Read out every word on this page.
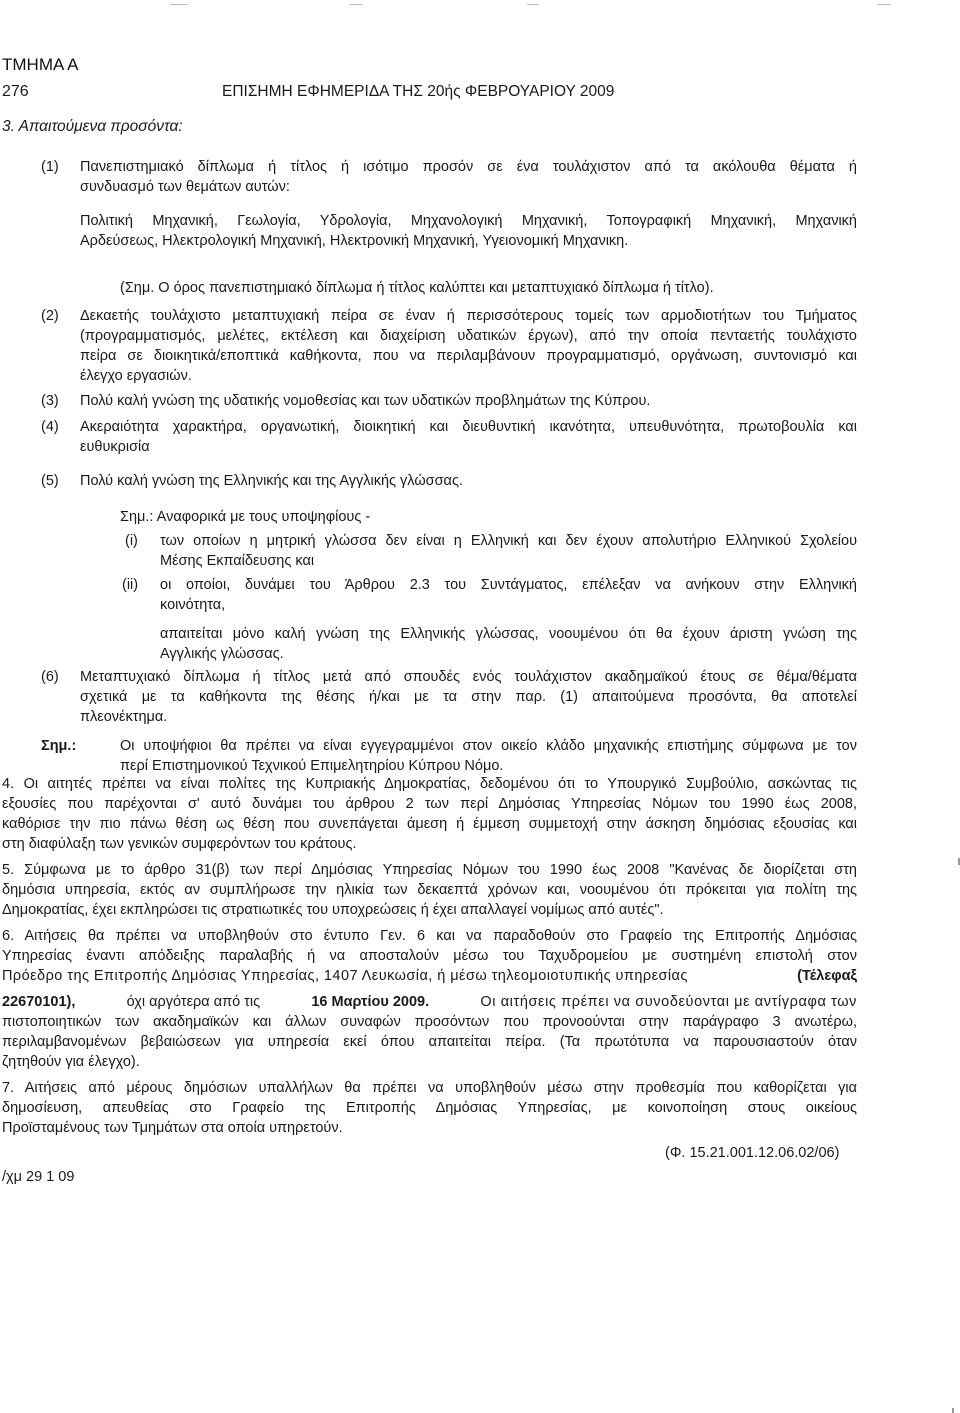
ΤΜΗΜΑ Α
276	ΕΠΙΣΗΜΗ ΕΦΗΜΕΡΙΔΑ ΤΗΣ 20ής ΦΕΒΡΟΥΑΡΙΟΥ 2009
3. Απαιτούμενα προσόντα:
(1) Πανεπιστημιακό δίπλωμα ή τίτλος ή ισότιμο προσόν σε ένα τουλάχιστον από τα ακόλουθα θέματα ή
συνδυασμό των θεμάτων αυτών:
Πολιτική Μηχανική, Γεωλογία, Υδρολογία, Μηχανολογική Μηχανική, Τοπογραφική Μηχανική, Μηχανική
Αρδεύσεως, Ηλεκτρολογική Μηχανική, Ηλεκτρονική Μηχανική, Υγειονομική Μηχανικη.
(Σημ. Ο όρος πανεπιστημιακό δίπλωμα ή τίτλος καλύπτει και μεταπτυχιακό δίπλωμα ή τίτλο).
(2) Δεκαετής τουλάχιστο μεταπτυχιακή πείρα σε έναν ή περισσότερους τομείς των αρμοδιοτήτων του Τμήματος
(προγραμματισμός, μελέτες, εκτέλεση και διαχείριση υδατικών έργων), από την οποία πενταετής τουλάχιστο
πείρα σε διοικητικά/εποπτικά καθήκοντα, που να περιλαμβάνουν προγραμματισμό, οργάνωση, συντονισμό και
έλεγχο εργασιών.
(3) Πολύ καλή γνώση της υδατικής νομοθεσίας και των υδατικών προβλημάτων της Κύπρου.
(4) Ακεραιότητα χαρακτήρα, οργανωτική, διοικητική και διευθυντική ικανότητα, υπευθυνότητα, πρωτοβουλία και
ευθυκρισία
(5) Πολύ καλή γνώση της Ελληνικής και της Αγγλικής γλώσσας.
Σημ.: Αναφορικά με τους υποψηφίους -
(i) των οποίων η μητρική γλώσσα δεν είναι η Ελληνική και δεν έχουν απολυτήριο Ελληνικού Σχολείου
Μέσης Εκπαίδευσης και
(ii) οι οποίοι, δυνάμει του Άρθρου 2.3 του Συντάγματος, επέλεξαν να ανήκουν στην Ελληνική
κοινότητα,
απαιτείται μόνο καλή γνώση της Ελληνικής γλώσσας, νοουμένου ότι θα έχουν άριστη γνώση της
Αγγλικής γλώσσας.
(6) Μεταπτυχιακό δίπλωμα ή τίτλος μετά από σπουδές ενός τουλάχιστον ακαδημαϊκού έτους σε θέμα/θέματα
σχετικά με τα καθήκοντα της θέσης ή/και με τα στην παρ. (1) απαιτούμενα προσόντα, θα αποτελεί
πλεονέκτημα.
Σημ.:	Οι υποψήφιοι θα πρέπει να είναι εγγεγραμμένοι στον οικείο κλάδο μηχανικής επιστήμης σύμφωνα με τον
περί Επιστημονικού Τεχνικού Επιμελητηρίου Κύπρου Νόμο.
4. Οι αιτητές πρέπει να είναι πολίτες της Κυπριακής Δημοκρατίας, δεδομένου ότι το Υπουργικό Συμβούλιο, ασκώντας τις
εξουσίες που παρέχονται σ' αυτό δυνάμει του άρθρου 2 των περί Δημόσιας Υπηρεσίας Νόμων του 1990 έως 2008,
καθόρισε την πιο πάνω θέση ως θέση που συνεπάγεται άμεση ή έμμεση συμμετοχή στην άσκηση δημόσιας εξουσίας και
στη διαφύλαξη των γενικών συμφερόντων του κράτους.
5. Σύμφωνα με το άρθρο 31(β) των περί Δημόσιας Υπηρεσίας Νόμων του 1990 έως 2008 "Κανένας δε διορίζεται στη
δημόσια υπηρεσία, εκτός αν συμπλήρωσε την ηλικία των δεκαεπτά χρόνων και, νοουμένου ότι πρόκειται για πολίτη της
Δημοκρατίας, έχει εκπληρώσει τις στρατιωτικές του υποχρεώσεις ή έχει απαλλαγεί νομίμως από αυτές".
6. Αιτήσεις θα πρέπει να υποβληθούν στο έντυπο Γεν. 6 και να παραδοθούν στο Γραφείο της Επιτροπής Δημόσιας
Υπηρεσίας έναντι απόδειξης παραλαβής ή να αποσταλούν μέσω του Ταχυδρομείου με συστημένη επιστολή στον
Πρόεδρο της Επιτροπής Δημόσιας Υπηρεσίας, 1407 Λευκωσία, ή μέσω τηλεομοιοτυπικής υπηρεσίας	(Τέλεφαξ
22670101),	όχι αργότερα από τις	16 Μαρτίου 2009.	Οι αιτήσεις πρέπει να συνοδεύονται με αντίγραφα των
πιστοποιητικών των ακαδημαϊκών και άλλων συναφών προσόντων που προνοούνται στην παράγραφο 3 ανωτέρω,
περιλαμβανομένων βεβαιώσεων για υπηρεσία εκεί όπου απαιτείται πείρα. (Τα πρωτότυπα να παρουσιαστούν όταν
ζητηθούν για έλεγχο).
7. Αιτήσεις από μέρους δημόσιων υπαλλήλων θα πρέπει να υποβληθούν μέσω στην προθεσμία που καθορίζεται για
δημοσίευση, απευθείας στο Γραφείο της Επιτροπής Δημόσιας Υπηρεσίας, με κοινοποίηση στους οικείους
Προϊσταμένους των Τμημάτων στα οποία υπηρετούν.
(Φ. 15.21.001.12.06.02/06)
/χμ 29 1 09
